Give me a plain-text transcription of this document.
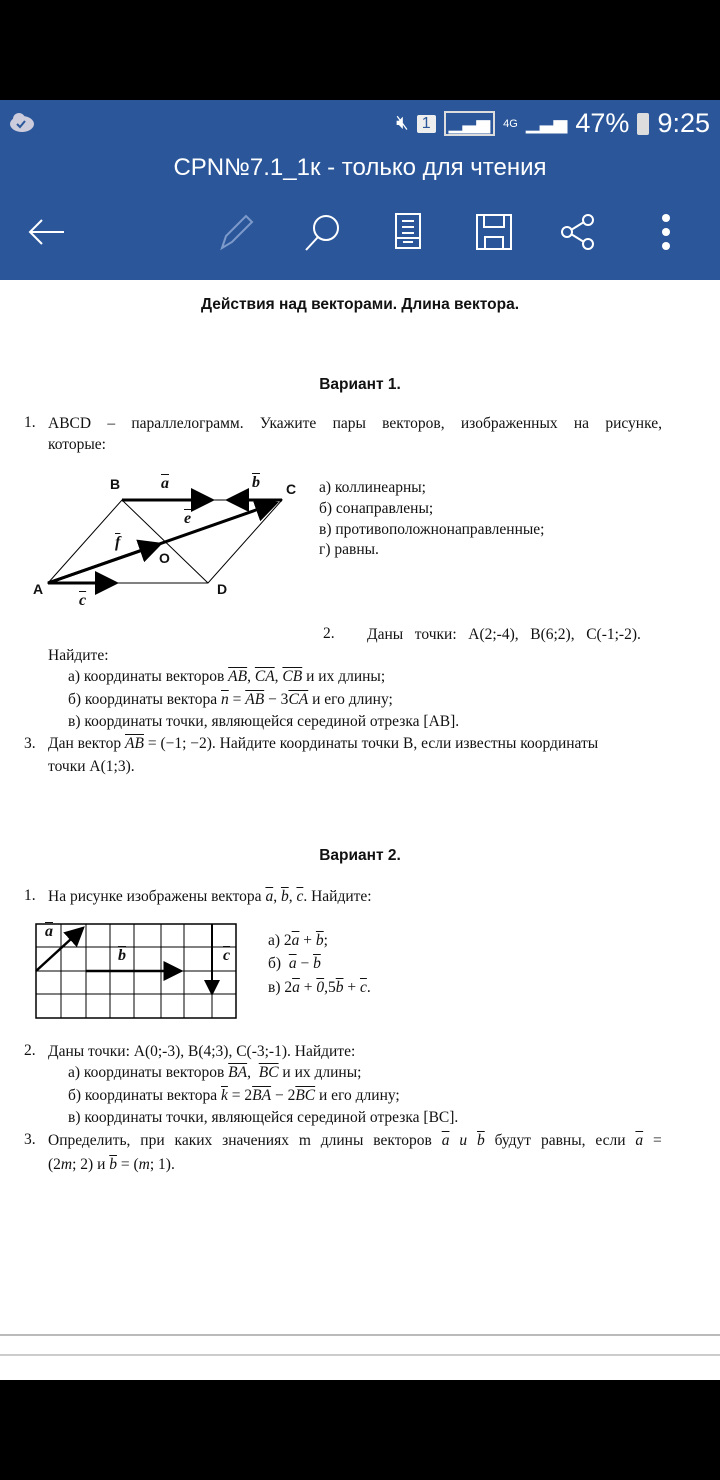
🔇︎ 1 ▁▃▅	4G ▁▃▅ 47% 9:25
СРN№7.1_1к - только для чтения
Действия над векторами. Длина вектора.
Вариант 1.
1. ABCD – параллелограмм. Укажите пары векторов, изображенных на рисунке,
которые:
B	C
A	D
O
$\overline{a}$	$\overline{b}$
$\overline{e}$
$\overline{f}$
$\overline{c}$
а) коллинеарны;
б) сонаправлены;
в) противоположнонаправленные;
г) равны.
2. Даны   точки:   A(2;-4),   B(6;2),   C(-1;-2).
Найдите:
а) координаты векторов $\overline{AB}$, $\overline{CA}$, $\overline{CB}$ и их длины;
б) координаты вектора $\overline{n} = \overline{AB} - 3\overline{CA}$ и его длину;
в) координаты точки, являющейся серединой отрезка [AB].
3. Дан вектор $\overline{AB} = (-1$; −2). Найдите координаты точки B, если известны координаты
точки A(1;3).
Вариант 2.
1. На рисунке изображены вектора $\overline{a}$, $\overline{b}$, $\overline{c}$. Найдите:
$\overline{a}$
$\overline{b}$	$\overline{c}$
а) $2\overline{a} + \overline{b}$;
б)  $\overline{a} - \overline{b}$
в) $2\overline{a} + 0,5\overline{b} + \overline{c}$.
2. Даны точки: A(0;-3), B(4;3), C(-3;-1). Найдите:
а) координаты векторов $\overline{BA}$,  $\overline{BC}$ и их длины;
б) координаты вектора $\overline{k} = 2\overline{BA} - 2\overline{BC}$ и его длину;
в) координаты точки, являющейся серединой отрезка [BC].
3. Определить, при каких значениях m длины векторов $\overline{a}$ и $\overline{b}$ будут равны, если $\overline{a}$ =
(2m; 2) и $\overline{b} = (m$; 1).
